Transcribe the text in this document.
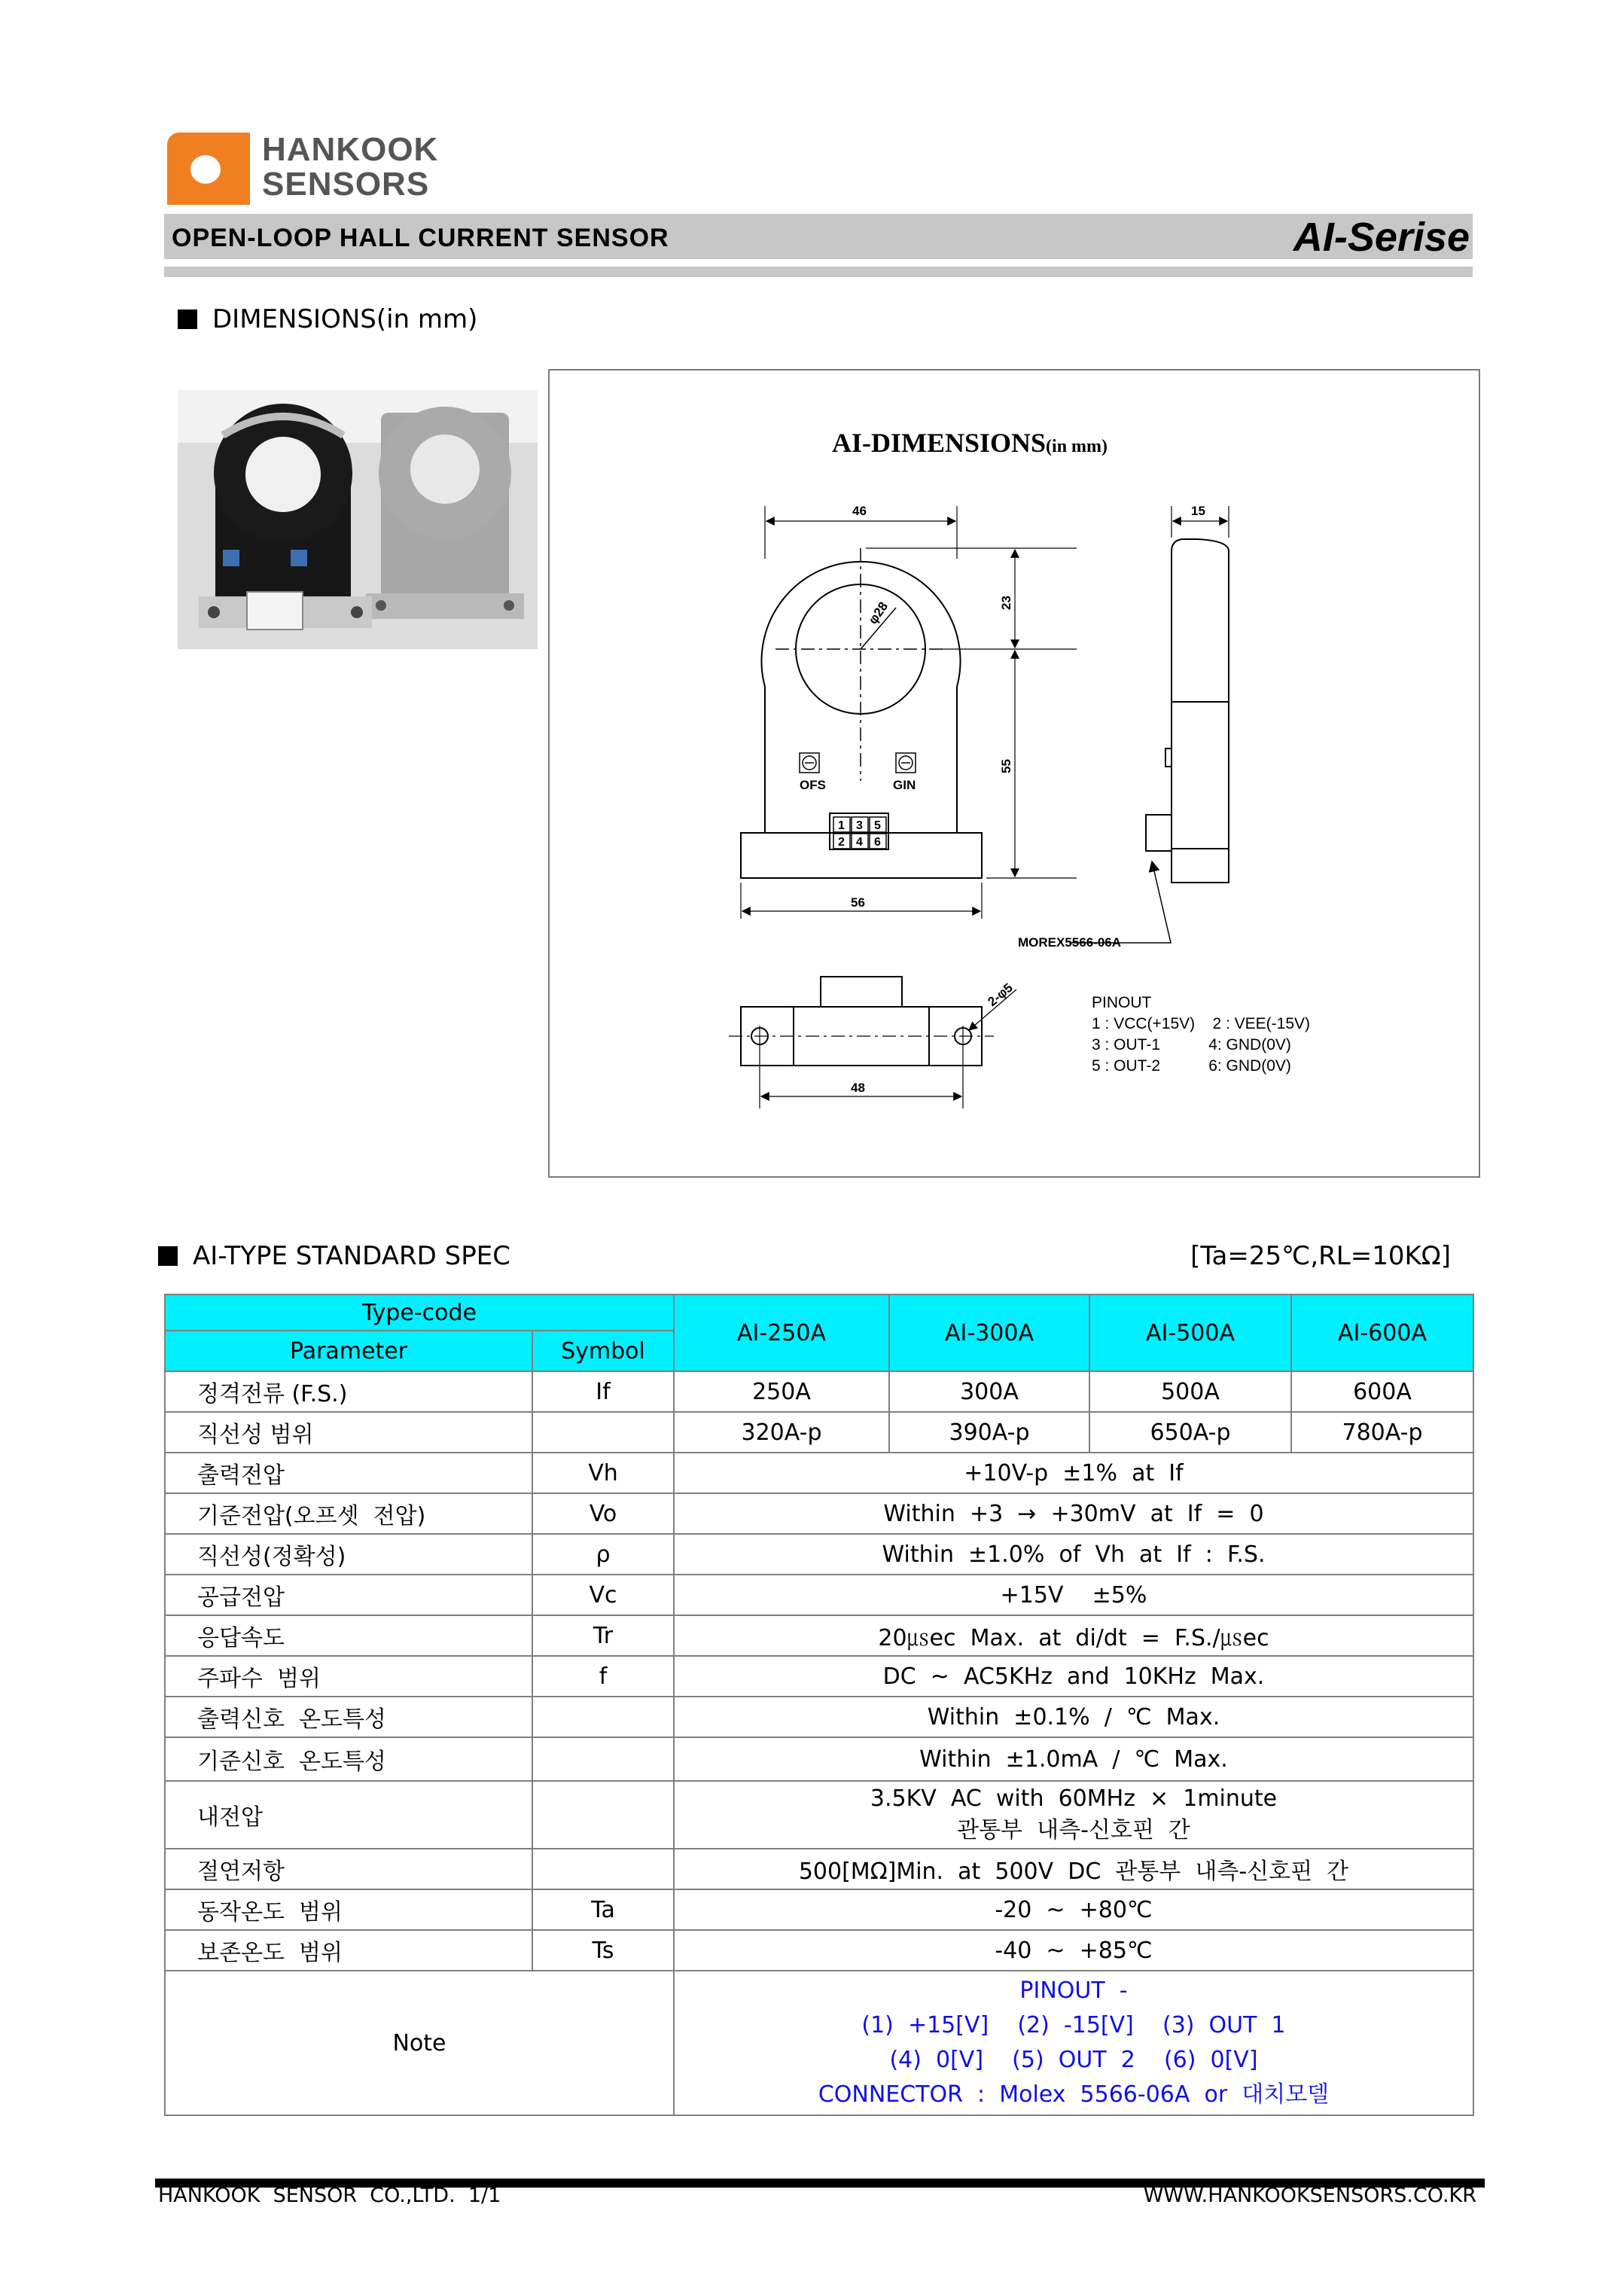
HANKOOK
SENSORS
OPEN-LOOP HALL CURRENT SENSOR	AI-Serise
DIMENSIONS(in mm)
AI-DIMENSIONS(in mm)
φ28
OFS	GIN
1 3 5
2 4 6
46
56
23
55
15
MOREX5566-06A
48
2-φ5	PINOUT
1 : VCC(+15V)    2 : VEE(-15V)
3 : OUT-1           4: GND(0V)
5 : OUT-2           6: GND(0V)
AI-TYPE STANDARD SPEC	[Ta=25℃,RL=10KΩ]
Type-code		AI-250A	AI-300A	AI-500A	AI-600A
Parameter	Symbol				
정격전류 (F.S.)	If	250A	300A	500A	600A
직선성 범위		320A-p	390A-p	650A-p	780A-p
출력전압	Vh	+10V-p  ±1%  at  If			
기준전압(오프셋  전압)	Vo	Within  +3  →  +30mV  at  If  =  0			
직선성(정확성)	ρ	Within  ±1.0%  of  Vh  at  If  :  F.S.			
공급전압	Vc	+15V    ±5%			
응답속도	Tr	20㎲ec  Max.  at  di/dt  =  F.S./㎲ec			
주파수  범위	f	DC  ~  AC5KHz  and  10KHz  Max.			
출력신호  온도특성		Within  ±0.1%  /  ℃  Max.			
기준신호  온도특성		Within  ±1.0mA  /  ℃  Max.			
내전압		3.5KV  AC  with  60MHz  ×  1minute
관통부  내측-신호핀  간			

절연저항		500[MΩ]Min.  at  500V  DC  관통부  내측-신호핀  간			
동작온도  범위	Ta	-20  ~  +80℃			
보존온도  범위	Ts	-40  ~  +85℃			
Note		PINOUT  -
(1)  +15[V]    (2)  -15[V]    (3)  OUT  1
(4)  0[V]    (5)  OUT  2    (6)  0[V]
CONNECTOR  :  Molex  5566-06A  or  대치모델			
HANKOOK  SENSOR  CO.,LTD.  1/1	WWW.HANKOOKSENSORS.CO.KR
